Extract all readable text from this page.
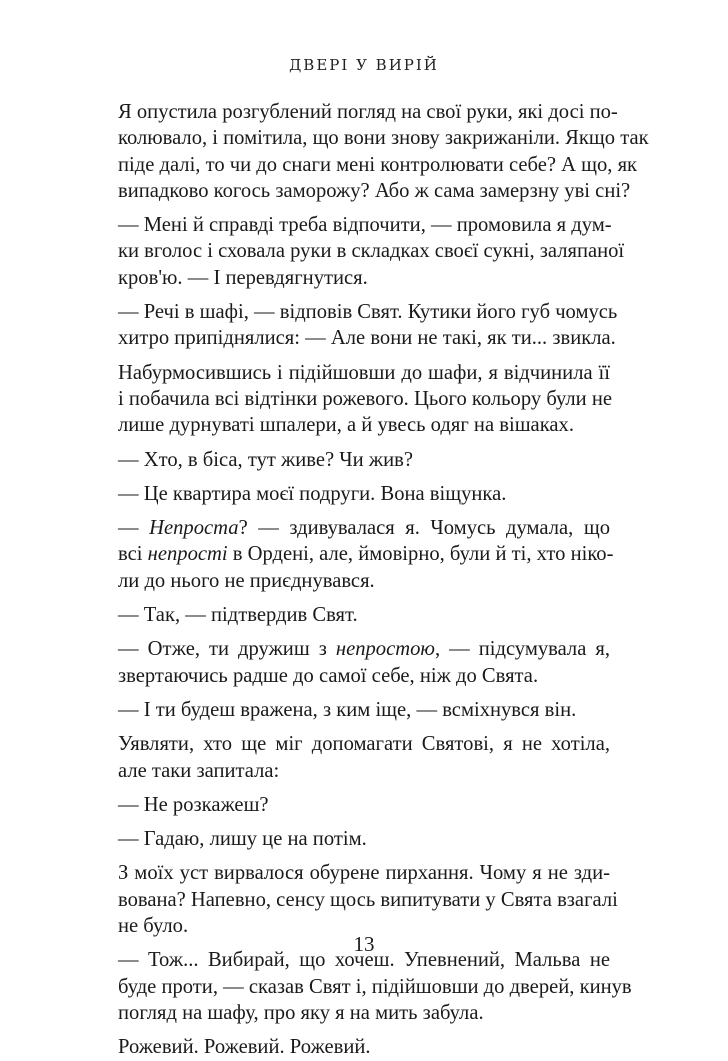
ДВЕРІ У ВИРІЙ
Я опустила розгублений погляд на свої руки, які досі по-
колювало, і помітила, що вони знову закрижаніли. Якщо так
піде далі, то чи до снаги мені контролювати себе? А що, як
випадково когось заморожу? Або ж сама замерзну уві сні?
— Мені й справді треба відпочити, — промовила я дум-
ки вголос і сховала руки в складках своєї сукні, заляпаної
кров'ю. — І перевдягнутися.
— Речі в шафі, — відповів Свят. Кутики його губ чомусь
хитро припіднялися: — Але вони не такі, як ти... звикла.
Набурмосившись і підійшовши до шафи, я відчинила її
і побачила всі відтінки рожевого. Цього кольору були не
лише дурнуваті шпалери, а й увесь одяг на вішаках.
— Хто, в біса, тут живе? Чи жив?
— Це квартира моєї подруги. Вона віщунка.
— Непроста? — здивувалася я. Чомусь думала, що
всі непрості в Ордені, але, ймовірно, були й ті, хто ніко-
ли до нього не приєднувався.
— Так, — підтвердив Свят.
— Отже, ти дружиш з непростою, — підсумувала я,
звертаючись радше до самої себе, ніж до Свята.
— І ти будеш вражена, з ким іще, — всміхнувся він.
Уявляти, хто ще міг допомагати Святові, я не хотіла,
але таки запитала:
— Не розкажеш?
— Гадаю, лишу це на потім.
З моїх уст вирвалося обурене пирхання. Чому я не зди-
вована? Напевно, сенсу щось випитувати у Свята взагалі
не було.
— Тож... Вибирай, що хочеш. Упевнений, Мальва не
буде проти, — сказав Свят і, підійшовши до дверей, кинув
погляд на шафу, про яку я на мить забула.
Рожевий. Рожевий. Рожевий.
13
